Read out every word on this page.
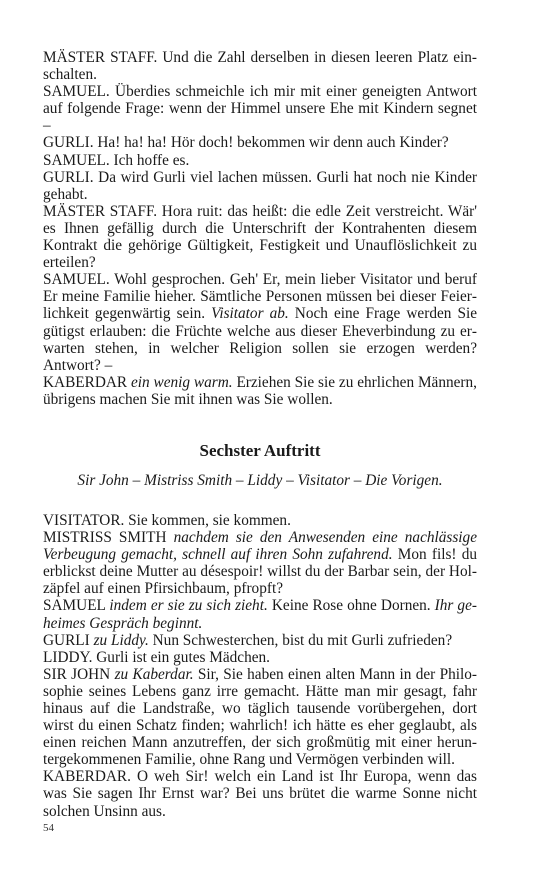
MÄSTER STAFF. Und die Zahl derselben in diesen leeren Platz einschalten.

SAMUEL. Überdies schmeichle ich mir mit einer geneigten Antwort auf folgende Frage: wenn der Himmel unsere Ehe mit Kindern segnet –

GURLI. Ha! ha! ha! Hör doch! bekommen wir denn auch Kinder?

SAMUEL. Ich hoffe es.

GURLI. Da wird Gurli viel lachen müssen. Gurli hat noch nie Kinder gehabt.

MÄSTER STAFF. Hora ruit: das heißt: die edle Zeit verstreicht. Wär' es Ihnen gefällig durch die Unterschrift der Kontrahenten diesem Kontrakt die gehörige Gültigkeit, Festigkeit und Unauflöslichkeit zu erteilen?

SAMUEL. Wohl gesprochen. Geh' Er, mein lieber Visitator und beruf Er meine Familie hieher. Sämtliche Personen müssen bei dieser Feierlichkeit gegenwärtig sein. Visitator ab. Noch eine Frage werden Sie gütigst erlauben: die Früchte welche aus dieser Eheverbindung zu erwarten stehen, in welcher Religion sollen sie erzogen werden? Antwort? –

KABERDAR ein wenig warm. Erziehen Sie sie zu ehrlichen Männern, übrigens machen Sie mit ihnen was Sie wollen.

Sechster Auftritt
Sir John – Mistriss Smith – Liddy – Visitator – Die Vorigen.

VISITATOR. Sie kommen, sie kommen.

MISTRISS SMITH nachdem sie den Anwesenden eine nachlässige Verbeugung gemacht, schnell auf ihren Sohn zufahrend. Mon fils! du erblickst deine Mutter au désespoir! willst du der Barbar sein, der Holzäpfel auf einen Pfirsichbaum, pfropft?

SAMUEL indem er sie zu sich zieht. Keine Rose ohne Dornen. Ihr geheimes Gespräch beginnt.

GURLI zu Liddy. Nun Schwesterchen, bist du mit Gurli zufrieden?

LIDDY. Gurli ist ein gutes Mädchen.

SIR JOHN zu Kaberdar. Sir, Sie haben einen alten Mann in der Philosophie seines Lebens ganz irre gemacht. Hätte man mir gesagt, fahr hinaus auf die Landstraße, wo täglich tausende vorübergehen, dort wirst du einen Schatz finden; wahrlich! ich hätte es eher geglaubt, als einen reichen Mann anzutreffen, der sich großmütig mit einer heruntergekommenen Familie, ohne Rang und Vermögen verbinden will.

KABERDAR. O weh Sir! welch ein Land ist Ihr Europa, wenn das was Sie sagen Ihr Ernst war? Bei uns brütet die warme Sonne nicht solchen Unsinn aus.

54
